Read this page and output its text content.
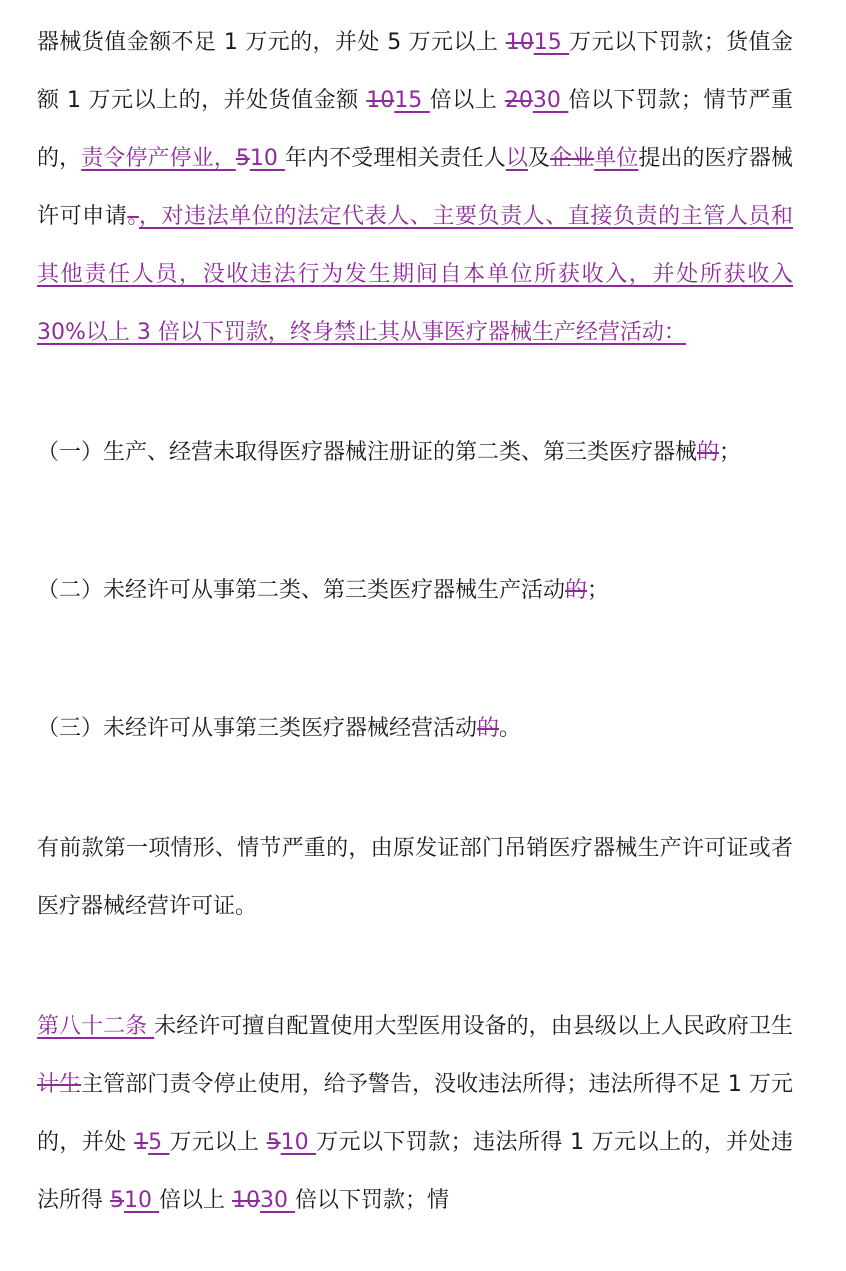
器械货值金额不足 1 万元的，并处 5 万元以上 1015 万元以下罚款；货值金额 1 万元以上的，并处货值金额 1015 倍以上 2030 倍以下罚款；情节严重的，责令停产停业，510 年内不受理相关责任人以及企业单位提出的医疗器械许可申请。，对违法单位的法定代表人、主要负责人、直接负责的主管人员和其他责任人员，没收违法行为发生期间自本单位所获收入，并处所获收入 30%以上 3 倍以下罚款，终身禁止其从事医疗器械生产经营活动：

（一）生产、经营未取得医疗器械注册证的第二类、第三类医疗器械的；

（二）未经许可从事第二类、第三类医疗器械生产活动的；

（三）未经许可从事第三类医疗器械经营活动的。

有前款第一项情形、情节严重的，由原发证部门吊销医疗器械生产许可证或者医疗器械经营许可证。

第八十二条 未经许可擅自配置使用大型医用设备的，由县级以上人民政府卫生计生主管部门责令停止使用，给予警告，没收违法所得；违法所得不足 1 万元的，并处 15 万元以上 510 万元以下罚款；违法所得 1 万元以上的，并处违法所得 510 倍以上 1030 倍以下罚款；情
